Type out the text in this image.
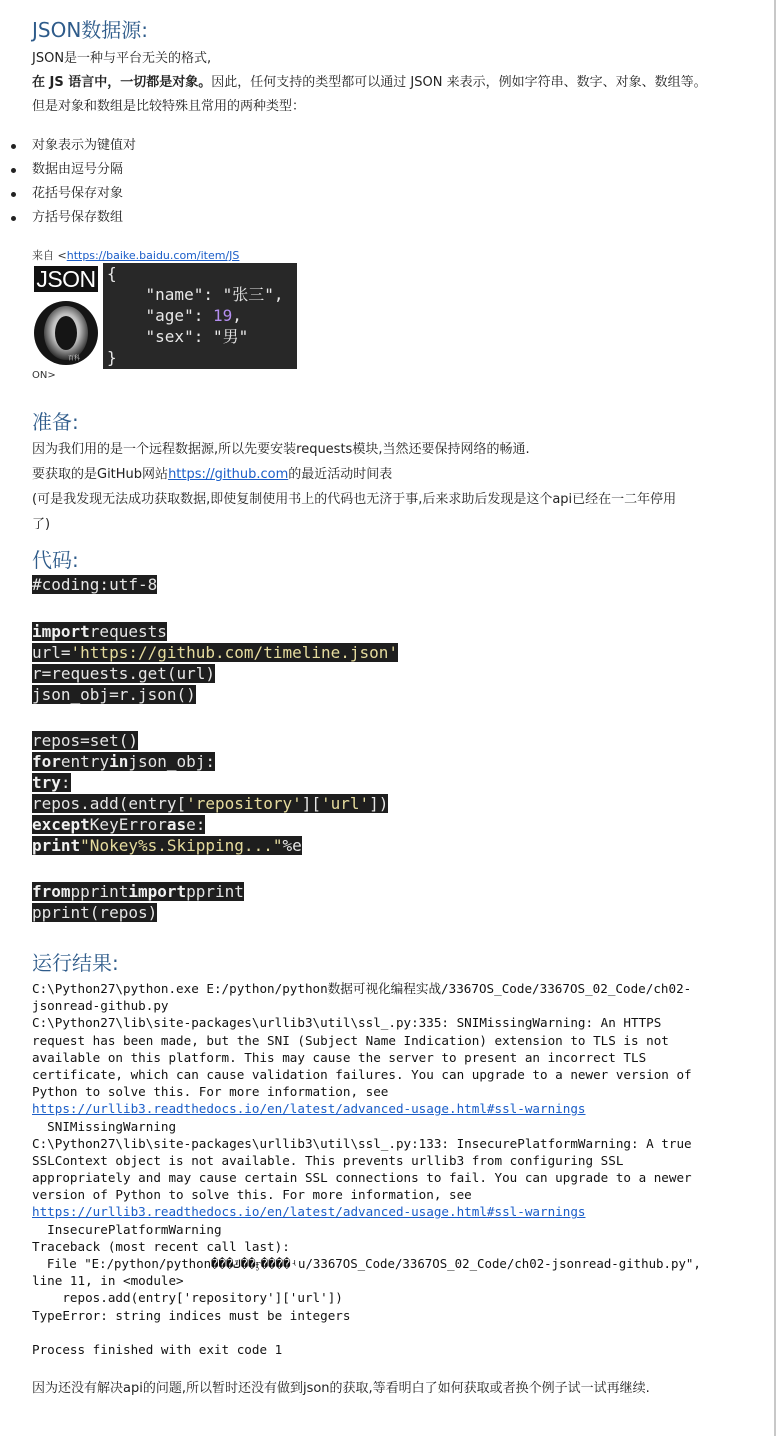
JSON数据源:
JSON是一种与平台无关的格式,
在 JS 语言中，一切都是对象。因此，任何支持的类型都可以通过 JSON 来表示，例如字符串、数字、对象、数组等。
但是对象和数组是比较特殊且常用的两种类型：
对象表示为键值对
数据由逗号分隔
花括号保存对象
方括号保存数组
来自 <https://baike.baidu.com/item/JS
JSON
百科
ON>
{
"name": "张三",
"age": 19,
"sex": "男"
}
准备:
因为我们用的是一个远程数据源,所以先要安装requests模块,当然还要保持网络的畅通.
要获取的是GitHub网站https://github.com的最近活动时间表
(可是我发现无法成功获取数据,即使复制使用书上的代码也无济于事,后来求助后发现是这个api已经在一二年停用
了)
代码:
#coding:utf-8
importrequests
url='https://github.com/timeline.json'
r=requests.get(url)
json_obj=r.json()
repos=set()
forentryinjson_obj:
try:
repos.add(entry['repository']['url'])
exceptKeyErrorase:
print"Nokey%s.Skipping..."%e
frompprintimportpprint
pprint(repos)
运行结果:
C:\Python27\python.exe E:/python/python数据可视化编程实战/3367OS_Code/3367OS_02_Code/ch02-
jsonread-github.py
C:\Python27\lib\site-packages\urllib3\util\ssl_.py:335: SNIMissingWarning: An HTTPS
request has been made, but the SNI (Subject Name Indication) extension to TLS is not
available on this platform. This may cause the server to present an incorrect TLS
certificate, which can cause validation failures. You can upgrade to a newer version of
Python to solve this. For more information, see
https://urllib3.readthedocs.io/en/latest/advanced-usage.html#ssl-warnings
SNIMissingWarning
C:\Python27\lib\site-packages\urllib3\util\ssl_.py:133: InsecurePlatformWarning: A true
SSLContext object is not available. This prevents urllib3 from configuring SSL
appropriately and may cause certain SSL connections to fail. You can upgrade to a newer
version of Python to solve this. For more information, see
https://urllib3.readthedocs.io/en/latest/advanced-usage.html#ssl-warnings
InsecurePlatformWarning
Traceback (most recent call last):
File "E:/python/python���ݿ��ӻ����ʵս/3367OS_Code/3367OS_02_Code/ch02-jsonread-github.py",
line 11, in <module>
repos.add(entry['repository']['url'])
TypeError: string indices must be integers
Process finished with exit code 1
因为还没有解决api的问题,所以暂时还没有做到json的获取,等看明白了如何获取或者换个例子试一试再继续.
